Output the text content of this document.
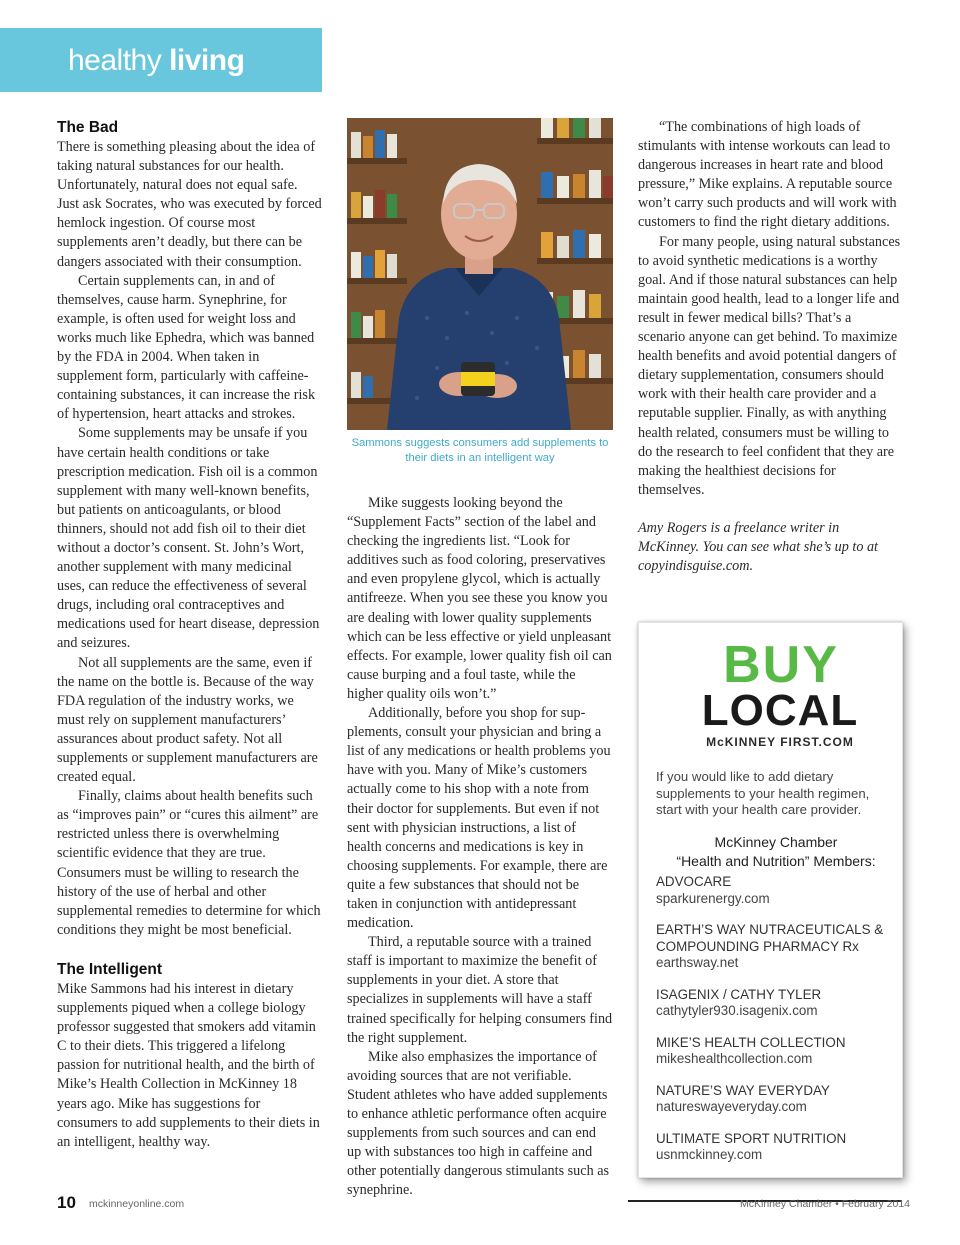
healthy living
The Bad

There is something pleasing about the idea of taking natural substances for our health. Unfortunately, natural does not equal safe. Just ask Socrates, who was executed by forced hemlock ingestion. Of course most supplements aren’t deadly, but there can be dangers associated with their consumption.

Certain supplements can, in and of themselves, cause harm. Synephrine, for example, is often used for weight loss and works much like Ephedra, which was banned by the FDA in 2004. When taken in supplement form, particularly with caffeine-containing substances, it can increase the risk of hypertension, heart attacks and strokes.

Some supplements may be unsafe if you have certain health conditions or take prescription medication. Fish oil is a common supplement with many well-known benefits, but patients on anticoagulants, or blood thinners, should not add fish oil to their diet without a doctor’s consent. St. John’s Wort, another supplement with many medicinal uses, can reduce the effectiveness of several drugs, including oral contraceptives and medications used for heart disease, depression and seizures.

Not all supplements are the same, even if the name on the bottle is. Because of the way FDA regulation of the industry works, we must rely on supplement manufacturers’ assurances about product safety. Not all supplements or supplement manufacturers are created equal.

Finally, claims about health benefits such as “improves pain” or “cures this ailment” are restricted unless there is overwhelming scientific evidence that they are true. Consumers must be willing to research the history of the use of herbal and other supplemental remedies to determine for which conditions they might be most beneficial.

The Intelligent

Mike Sammons had his interest in dietary supplements piqued when a college biology professor suggested that smokers add vitamin C to their diets. This triggered a lifelong passion for nutritional health, and the birth of Mike’s Health Collection in McKinney 18 years ago. Mike has suggestions for consumers to add supplements to their diets in an intelligent, healthy way.

Sammons suggests consumers add supplements to their diets in an intelligent way

Mike suggests looking beyond the “Supplement Facts” section of the label and checking the ingredients list. “Look for additives such as food coloring, preservatives and even propylene glycol, which is actually antifreeze. When you see these you know you are dealing with lower quality supplements which can be less effective or yield unpleasant effects. For example, lower quality fish oil can cause burping and a foul taste, while the higher quality oils won’t.”

Additionally, before you shop for supplements, consult your physician and bring a list of any medications or health problems you have with you. Many of Mike’s customers actually come to his shop with a note from their doctor for supplements. But even if not sent with physician instructions, a list of health concerns and medications is key in choosing supplements. For example, there are quite a few substances that should not be taken in conjunction with antidepressant medication.

Third, a reputable source with a trained staff is important to maximize the benefit of supplements in your diet. A store that specializes in supplements will have a staff trained specifically for helping consumers find the right supplement.

Mike also emphasizes the importance of avoiding sources that are not verifiable. Student athletes who have added supplements to enhance athletic performance often acquire supplements from such sources and can end up with substances too high in caffeine and other potentially dangerous stimulants such as synephrine.

“The combinations of high loads of stimulants with intense workouts can lead to dangerous increases in heart rate and blood pressure,” Mike explains. A reputable source won’t carry such products and will work with customers to find the right dietary additions.

For many people, using natural substances to avoid synthetic medications is a worthy goal. And if those natural substances can help maintain good health, lead to a longer life and result in fewer medical bills? That’s a scenario anyone can get behind. To maximize health benefits and avoid potential dangers of dietary supplementation, consumers should work with their health care provider and a reputable supplier. Finally, as with anything health related, consumers must be willing to do the research to feel confident that they are making the healthiest decisions for themselves.

Amy Rogers is a freelance writer in McKinney. You can see what she’s up to at copyindisguise.com.

BUY
LOCAL
McKINNEY FIRST.COM
If you would like to add dietary supplements to your health regimen, start with your health care provider.
McKinney Chamber
“Health and Nutrition” Members:
ADVOCARE
sparkurenergy.com
EARTH’S WAY NUTRACEUTICALS & COMPOUNDING PHARMACY Rx
earthsway.net
ISAGENIX / CATHY TYLER
cathytyler930.isagenix.com
MIKE’S HEALTH COLLECTION
mikeshealthcollection.com
NATURE’S WAY EVERYDAY
natureswayeveryday.com
ULTIMATE SPORT NUTRITION
usnmckinney.com
10 mckinneyonline.com	McKinney Chamber • February 2014
